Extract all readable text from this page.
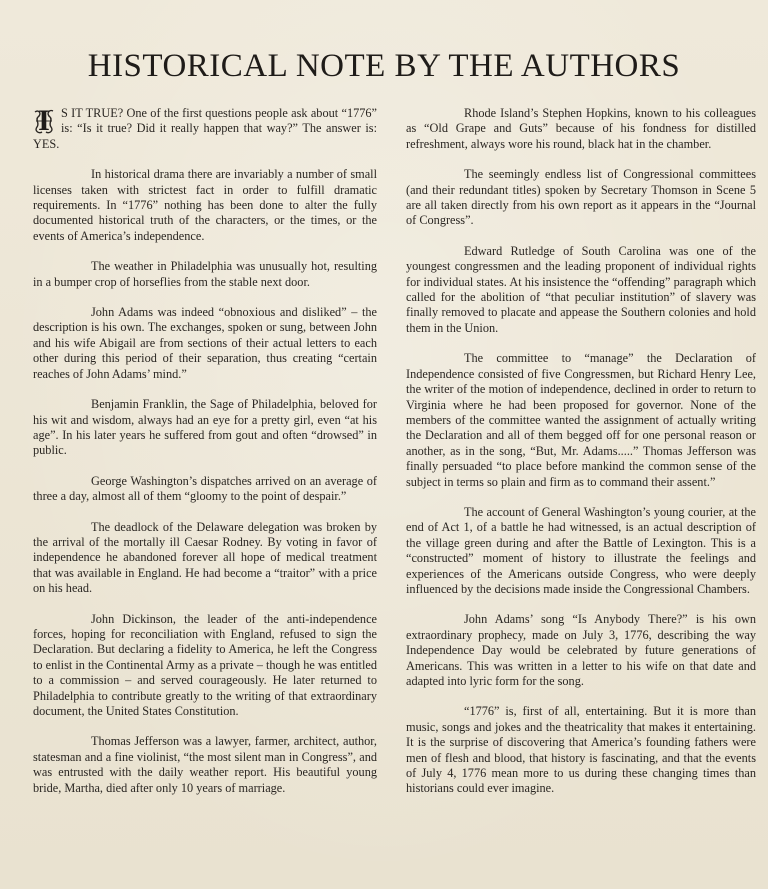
HISTORICAL NOTE BY THE AUTHORS

I S IT TRUE? One of the first questions people ask about “1776” is: “Is it true? Did it really happen that way?” The answer is: YES.

In historical drama there are invariably a number of small licenses taken with strictest fact in order to fulfill dramatic requirements. In “1776” nothing has been done to alter the fully documented historical truth of the characters, or the times, or the events of America’s independence.

The weather in Philadelphia was unusually hot, resulting in a bumper crop of horseflies from the stable next door.

John Adams was indeed “obnoxious and disliked” – the description is his own. The exchanges, spoken or sung, between John and his wife Abigail are from sections of their actual letters to each other during this period of their separation, thus creating “certain reaches of John Adams’ mind.”

Benjamin Franklin, the Sage of Philadelphia, beloved for his wit and wisdom, always had an eye for a pretty girl, even “at his age”. In his later years he suffered from gout and often “drowsed” in public.

George Washington’s dispatches arrived on an average of three a day, almost all of them “gloomy to the point of despair.”

The deadlock of the Delaware delegation was broken by the arrival of the mortally ill Caesar Rodney. By voting in favor of independence he abandoned forever all hope of medical treatment that was available in England. He had become a “traitor” with a price on his head.

John Dickinson, the leader of the anti-independence forces, hoping for reconciliation with England, refused to sign the Declaration. But declaring a fidelity to America, he left the Congress to enlist in the Continental Army as a private – though he was entitled to a commission – and served courageously. He later returned to Philadelphia to contribute greatly to the writing of that extraordinary document, the United States Constitution.

Thomas Jefferson was a lawyer, farmer, architect, author, statesman and a fine violinist, “the most silent man in Congress”, and was entrusted with the daily weather report. His beautiful young bride, Martha, died after only 10 years of marriage.

Rhode Island’s Stephen Hopkins, known to his colleagues as “Old Grape and Guts” because of his fondness for distilled refreshment, always wore his round, black hat in the chamber.

The seemingly endless list of Congressional committees (and their redundant titles) spoken by Secretary Thomson in Scene 5 are all taken directly from his own report as it appears in the “Journal of Congress”.

Edward Rutledge of South Carolina was one of the youngest congressmen and the leading proponent of individual rights for individual states. At his insistence the “offending” paragraph which called for the abolition of “that peculiar institution” of slavery was finally removed to placate and appease the Southern colonies and hold them in the Union.

The committee to “manage” the Declaration of Independence consisted of five Congressmen, but Richard Henry Lee, the writer of the motion of independence, declined in order to return to Virginia where he had been proposed for governor. None of the members of the committee wanted the assignment of actually writing the Declaration and all of them begged off for one personal reason or another, as in the song, “But, Mr. Adams.....” Thomas Jefferson was finally persuaded “to place before mankind the common sense of the subject in terms so plain and firm as to command their assent.”

The account of General Washington’s young courier, at the end of Act 1, of a battle he had witnessed, is an actual description of the village green during and after the Battle of Lexington. This is a “constructed” moment of history to illustrate the feelings and experiences of the Americans outside Congress, who were deeply influenced by the decisions made inside the Congressional Chambers.

John Adams’ song “Is Anybody There?” is his own extraordinary prophecy, made on July 3, 1776, describing the way Independence Day would be celebrated by future generations of Americans. This was written in a letter to his wife on that date and adapted into lyric form for the song.

“1776” is, first of all, entertaining. But it is more than music, songs and jokes and the theatricality that makes it entertaining. It is the surprise of discovering that America’s founding fathers were men of flesh and blood, that history is fascinating, and that the events of July 4, 1776 mean more to us during these changing times than historians could ever imagine.
